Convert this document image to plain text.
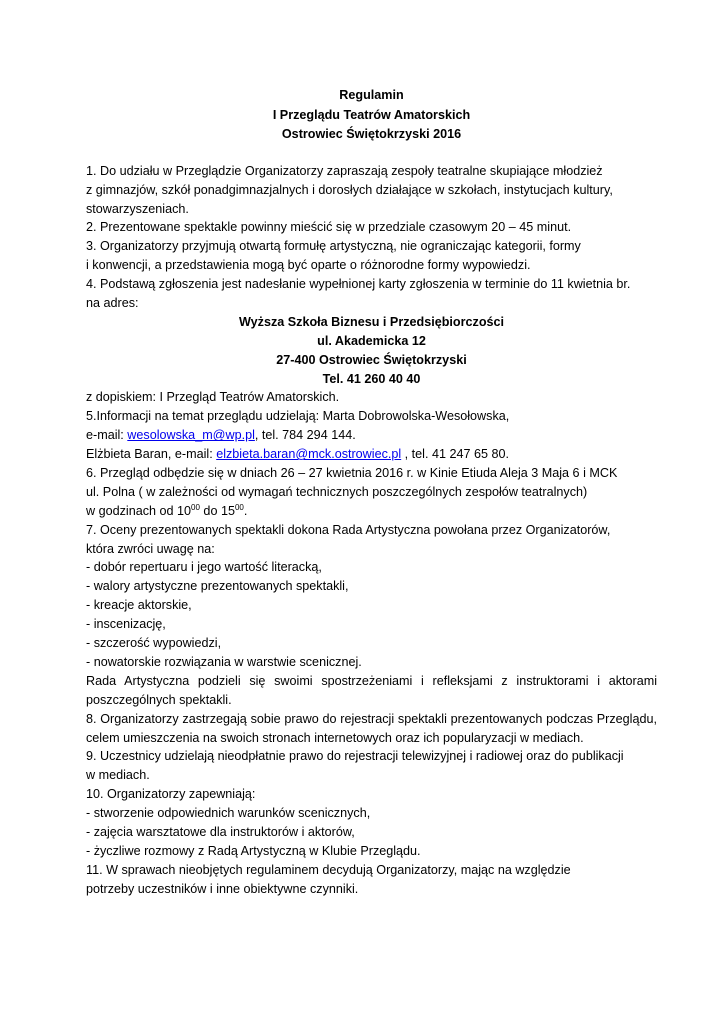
Regulamin
I Przeglądu Teatrów Amatorskich
Ostrowiec Świętokrzyski 2016
1. Do udziału w Przeglądzie Organizatorzy zapraszają zespoły teatralne skupiające młodzież
z gimnazjów, szkół ponadgimnazjalnych i dorosłych działające w szkołach, instytucjach kultury,
stowarzyszeniach.
2. Prezentowane spektakle powinny mieścić się w przedziale czasowym 20 – 45 minut.
3. Organizatorzy przyjmują otwartą formułę artystyczną, nie ograniczając kategorii, formy
i konwencji, a przedstawienia mogą być oparte o różnorodne formy wypowiedzi.
4. Podstawą zgłoszenia jest nadesłanie wypełnionej karty zgłoszenia w terminie do 11 kwietnia br.
na adres:
Wyższa Szkoła Biznesu i Przedsiębiorczości
ul. Akademicka 12
27-400 Ostrowiec Świętokrzyski
Tel. 41 260 40 40
z dopiskiem: I Przegląd Teatrów Amatorskich.
5.Informacji na temat przeglądu udzielają: Marta Dobrowolska-Wesołowska,
e-mail: wesolowska_m@wp.pl, tel. 784 294 144.
Elżbieta Baran, e-mail: elzbieta.baran@mck.ostrowiec.pl , tel. 41 247 65 80.
6. Przegląd odbędzie się w dniach 26 – 27 kwietnia 2016 r. w Kinie Etiuda Aleja 3 Maja 6 i MCK
ul. Polna ( w zależności od wymagań technicznych poszczególnych zespołów teatralnych)
w godzinach od $10^{00}$ do $15^{00}$.
7. Oceny prezentowanych spektakli dokona Rada Artystyczna powołana przez Organizatorów,
która zwróci uwagę na:
- dobór repertuaru i jego wartość literacką,
- walory artystyczne prezentowanych spektakli,
- kreacje aktorskie,
- inscenizację,
- szczerość wypowiedzi,
- nowatorskie rozwiązania w warstwie scenicznej.
Rada Artystyczna podzieli się swoimi spostrzeżeniami i refleksjami z instruktorami i aktorami
poszczególnych spektakli.
8. Organizatorzy zastrzegają sobie prawo do rejestracji spektakli prezentowanych podczas Przeglądu,
celem umieszczenia na swoich stronach internetowych oraz ich popularyzacji w mediach.
9. Uczestnicy udzielają nieodpłatnie prawo do rejestracji telewizyjnej i radiowej oraz do publikacji
w mediach.
10. Organizatorzy zapewniają:
- stworzenie odpowiednich warunków scenicznych,
- zajęcia warsztatowe dla instruktorów i aktorów,
- życzliwe rozmowy z Radą Artystyczną w Klubie Przeglądu.
11. W sprawach nieobjętych regulaminem decydują Organizatorzy, mając na względzie
potrzeby uczestników i inne obiektywne czynniki.
